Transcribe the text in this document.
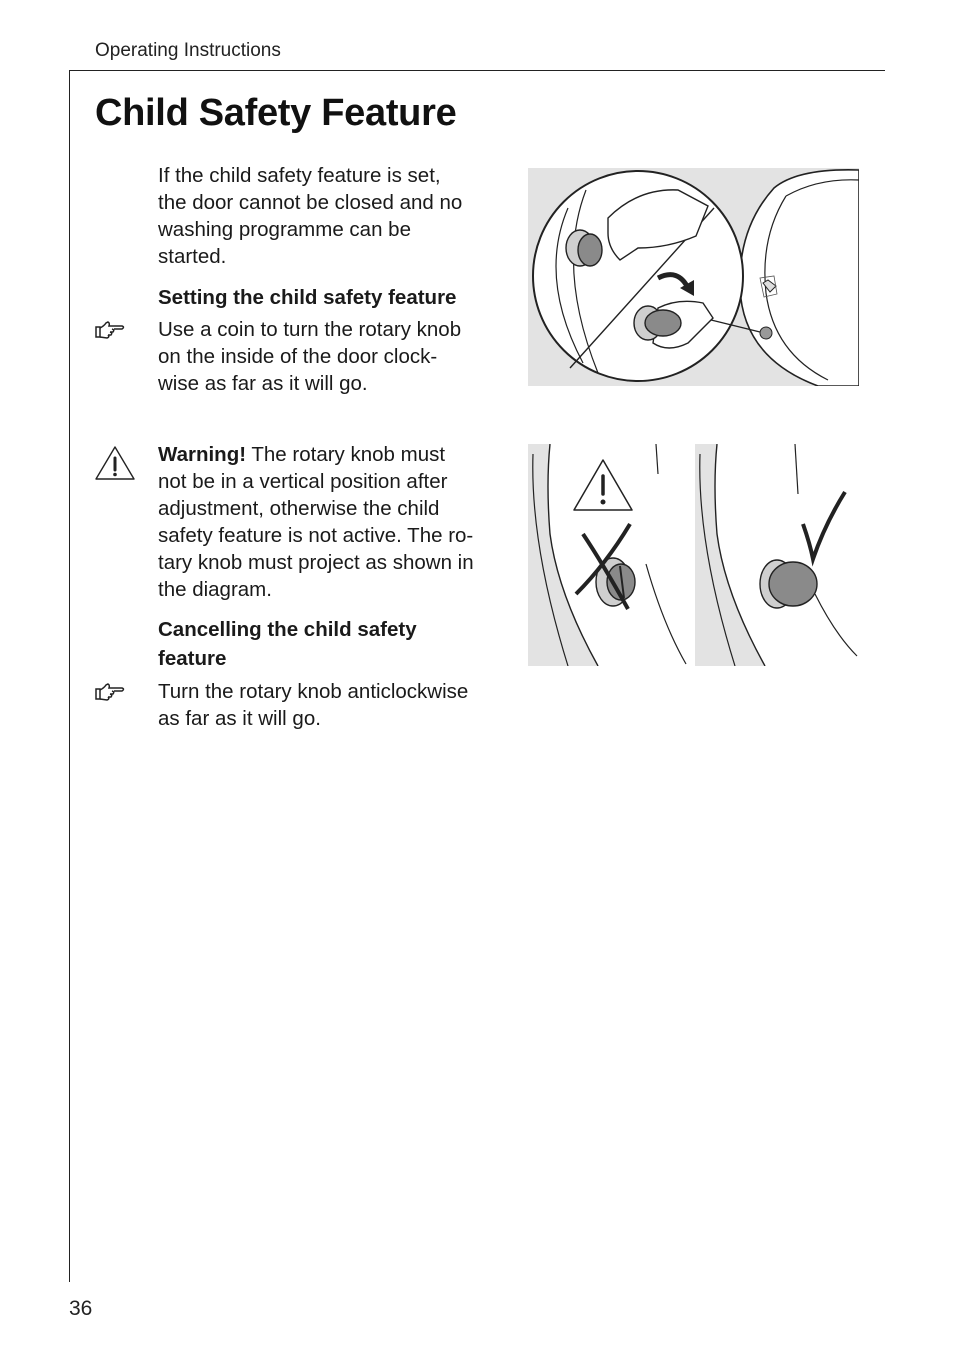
Operating Instructions
Child Safety Feature

If the child safety feature is set,
the door cannot be closed and no
washing programme can be
started.

Setting the child safety feature

Use a coin to turn the rotary knob
on the inside of the door clock-
wise as far as it will go.

Warning! The rotary knob must
not be in a vertical position after
adjustment, otherwise the child
safety feature is not active. The ro-
tary knob must project as shown in
the diagram.

Cancelling the child safety
feature

Turn the rotary knob anticlockwise
as far as it will go.

36
